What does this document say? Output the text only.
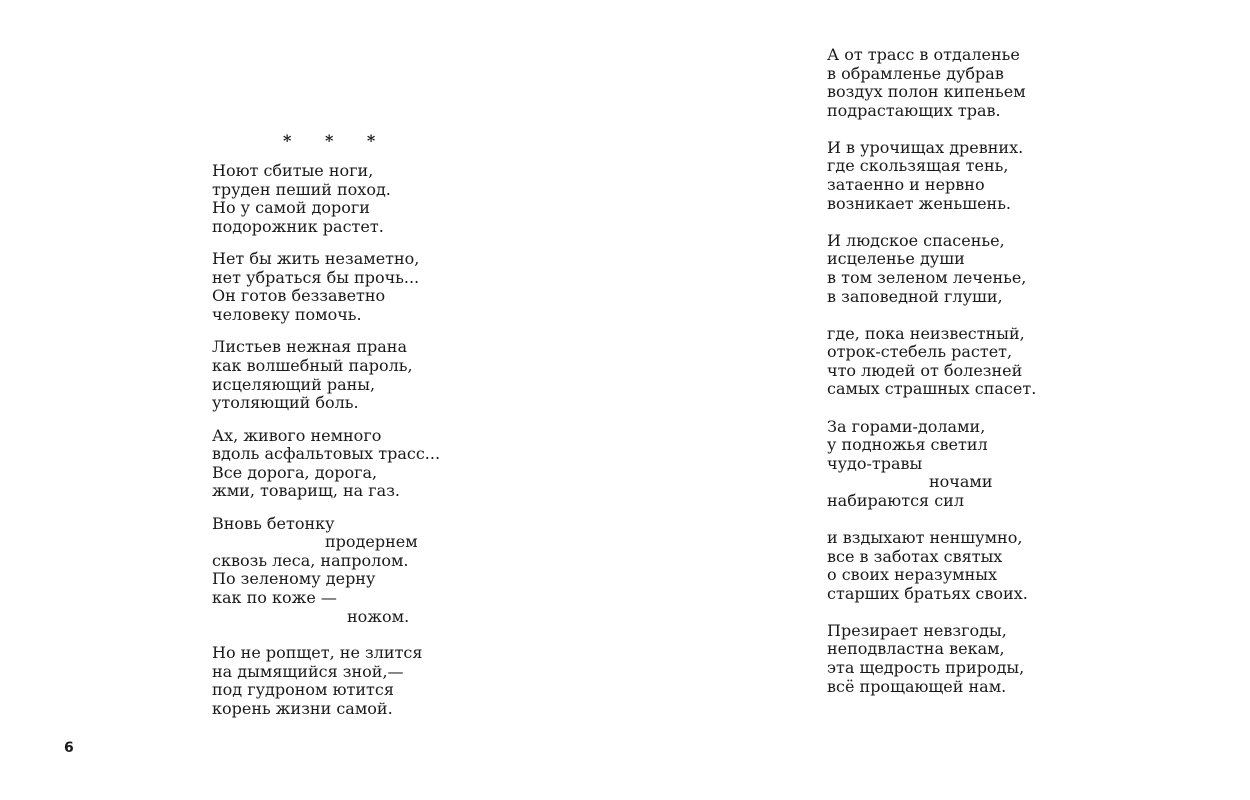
* * *
Ноют сбитые ноги,
труден пеший поход.
Но у самой дороги
подорожник растет.
Нет бы жить незаметно,
нет убраться бы прочь...
Он готов беззаветно
человеку помочь.
Листьев нежная прана
как волшебный пароль,
исцеляющий раны,
утоляющий боль.
Ах, живого немного
вдоль асфальтовых трасс...
Все дорога, дорога,
жми, товарищ, на газ.
Вновь бетонку
продернем
сквозь леса, напролом.
По зеленому дерну
как по коже —
ножом.
Но не ропщет, не злится
на дымящийся зной,—
под гудроном ютится
корень жизни самой.
6
А от трасс в отдаленье
в обрамленье дубрав
воздух полон кипеньем
подрастающих трав.
И в урочищах древних.
где скользящая тень,
затаенно и нервно
возникает женьшень.
И людское спасенье,
исцеленье души
в том зеленом леченье,
в заповедной глуши,
где, пока неизвестный,
отрок-стебель растет,
что людей от болезней
самых страшных спасет.
За горами-долами,
у подножья светил
чудо-травы
ночами
набираются сил
и вздыхают неншумно,
все в заботах святых
о своих неразумных
старших братьях своих.
Презирает невзгоды,
неподвластна векам,
эта щедрость природы,
всё прощающей нам.
